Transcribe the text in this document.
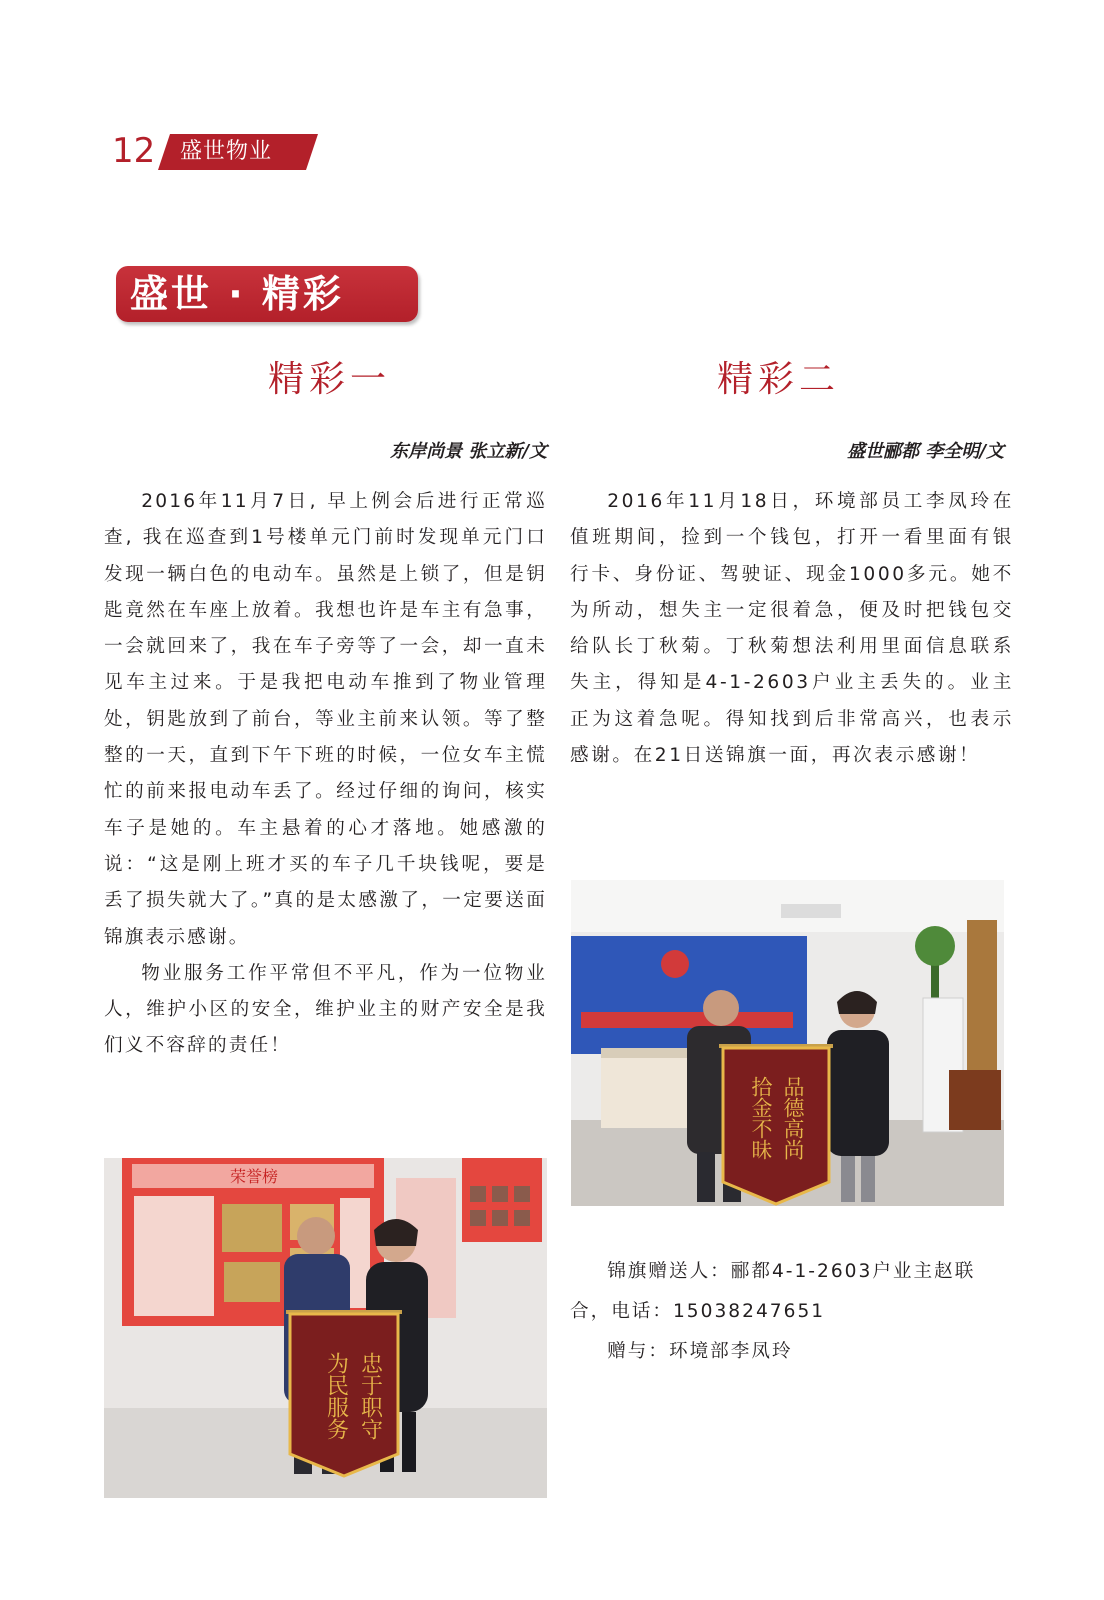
12 盛世物业
盛世 · 精彩
精彩一	精彩二
东岸尚景 张立新/文	盛世郦都 李全明/文

2016年11月7日, 早上例会后进行正常巡查, 我在巡查到1号楼单元门前时发现单元门口发现一辆白色的电动车。虽然是上锁了，但是钥匙竟然在车座上放着。我想也许是车主有急事，一会就回来了，我在车子旁等了一会，却一直未见车主过来。于是我把电动车推到了物业管理处，钥匙放到了前台，等业主前来认领。等了整整的一天，直到下午下班的时候，一位女车主慌忙的前来报电动车丢了。经过仔细的询问，核实车子是她的。车主悬着的心才落地。她感激的说：“这是刚上班才买的车子几千块钱呢，要是丢了损失就大了。”真的是太感激了，一定要送面锦旗表示感谢。

物业服务工作平常但不平凡，作为一位物业人，维护小区的安全，维护业主的财产安全是我们义不容辞的责任！

2016年11月18日，环境部员工李凤玲在值班期间，捡到一个钱包，打开一看里面有银行卡、身份证、驾驶证、现金1000多元。她不为所动，想失主一定很着急，便及时把钱包交给队长丁秋菊。丁秋菊想法利用里面信息联系失主，得知是4-1-2603户业主丢失的。业主正为这着急呢。得知找到后非常高兴，也表示感谢。在21日送锦旗一面，再次表示感谢！

荣誉榜
忠于职守
为民服务
品德高尚
拾金不昧

锦旗赠送人：郦都4-1-2603户业主赵联合，电话：15038247651

赠与：环境部李凤玲
